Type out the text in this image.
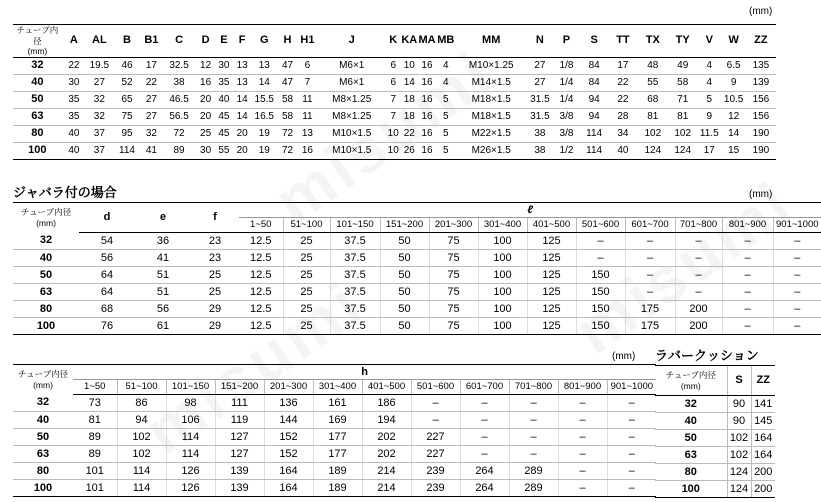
(mm)
チューブ内径
(mm)	A	AL	B	B1	C	D	E	F	G	H	H1	J	K	KA	MA	MB	MM	N	P	S	TT	TX	TY	V	W	ZZ
32	22	19.5	46	17	32.5	12	30	13	13	47	6	M6×1	6	10	16	4	M10×1.25	27	1/8	84	17	48	49	4	6.5	135
40	30	27	52	22	38	16	35	13	14	47	7	M6×1	6	14	16	4	M14×1.5	27	1/4	84	22	55	58	4	9	139
50	35	32	65	27	46.5	20	40	14	15.5	58	11	M8×1.25	7	18	16	5	M18×1.5	31.5	1/4	94	22	68	71	5	10.5	156
63	35	32	75	27	56.5	20	45	14	16.5	58	11	M8×1.25	7	18	16	5	M18×1.5	31.5	3/8	94	28	81	81	9	12	156
80	40	37	95	32	72	25	45	20	19	72	13	M10×1.5	10	22	16	5	M22×1.5	38	3/8	114	34	102	102	11.5	14	190
100	40	37	114	41	89	30	55	20	19	72	16	M10×1.5	10	26	16	5	M26×1.5	38	1/2	114	40	124	124	17	15	190
ジャバラ付の場合	(mm)
チューブ内径
(mm)	d	e	f	ℓ											
				1~50	51~100	101~150	151~200	201~300	301~400	401~500	501~600	601~700	701~800	801~900	901~1000
32	54	36	23	12.5	25	37.5	50	75	100	125	–	–	–	–	–
40	56	41	23	12.5	25	37.5	50	75	100	125	–	–	–	–	–
50	64	51	25	12.5	25	37.5	50	75	100	125	150	–	–	–	–
63	64	51	25	12.5	25	37.5	50	75	100	125	150	–	–	–	–
80	68	56	29	12.5	25	37.5	50	75	100	125	150	175	200	–	–
100	76	61	29	12.5	25	37.5	50	75	100	125	150	175	200	–	–
(mm)
チューブ内径
(mm)	h											
	1~50	51~100	101~150	151~200	201~300	301~400	401~500	501~600	601~700	701~800	801~900	901~1000
32	73	86	98	111	136	161	186	–	–	–	–	–
40	81	94	106	119	144	169	194	–	–	–	–	–
50	89	102	114	127	152	177	202	227	–	–	–	–
63	89	102	114	127	152	177	202	227	–	–	–	–
80	101	114	126	139	164	189	214	239	264	289	–	–
100	101	114	126	139	164	189	214	239	264	289	–	–
ラバークッション
チューブ内径
(mm)	S	ZZ
32	90	141
40	90	145
50	102	164
63	102	164
80	124	200
100	124	200
